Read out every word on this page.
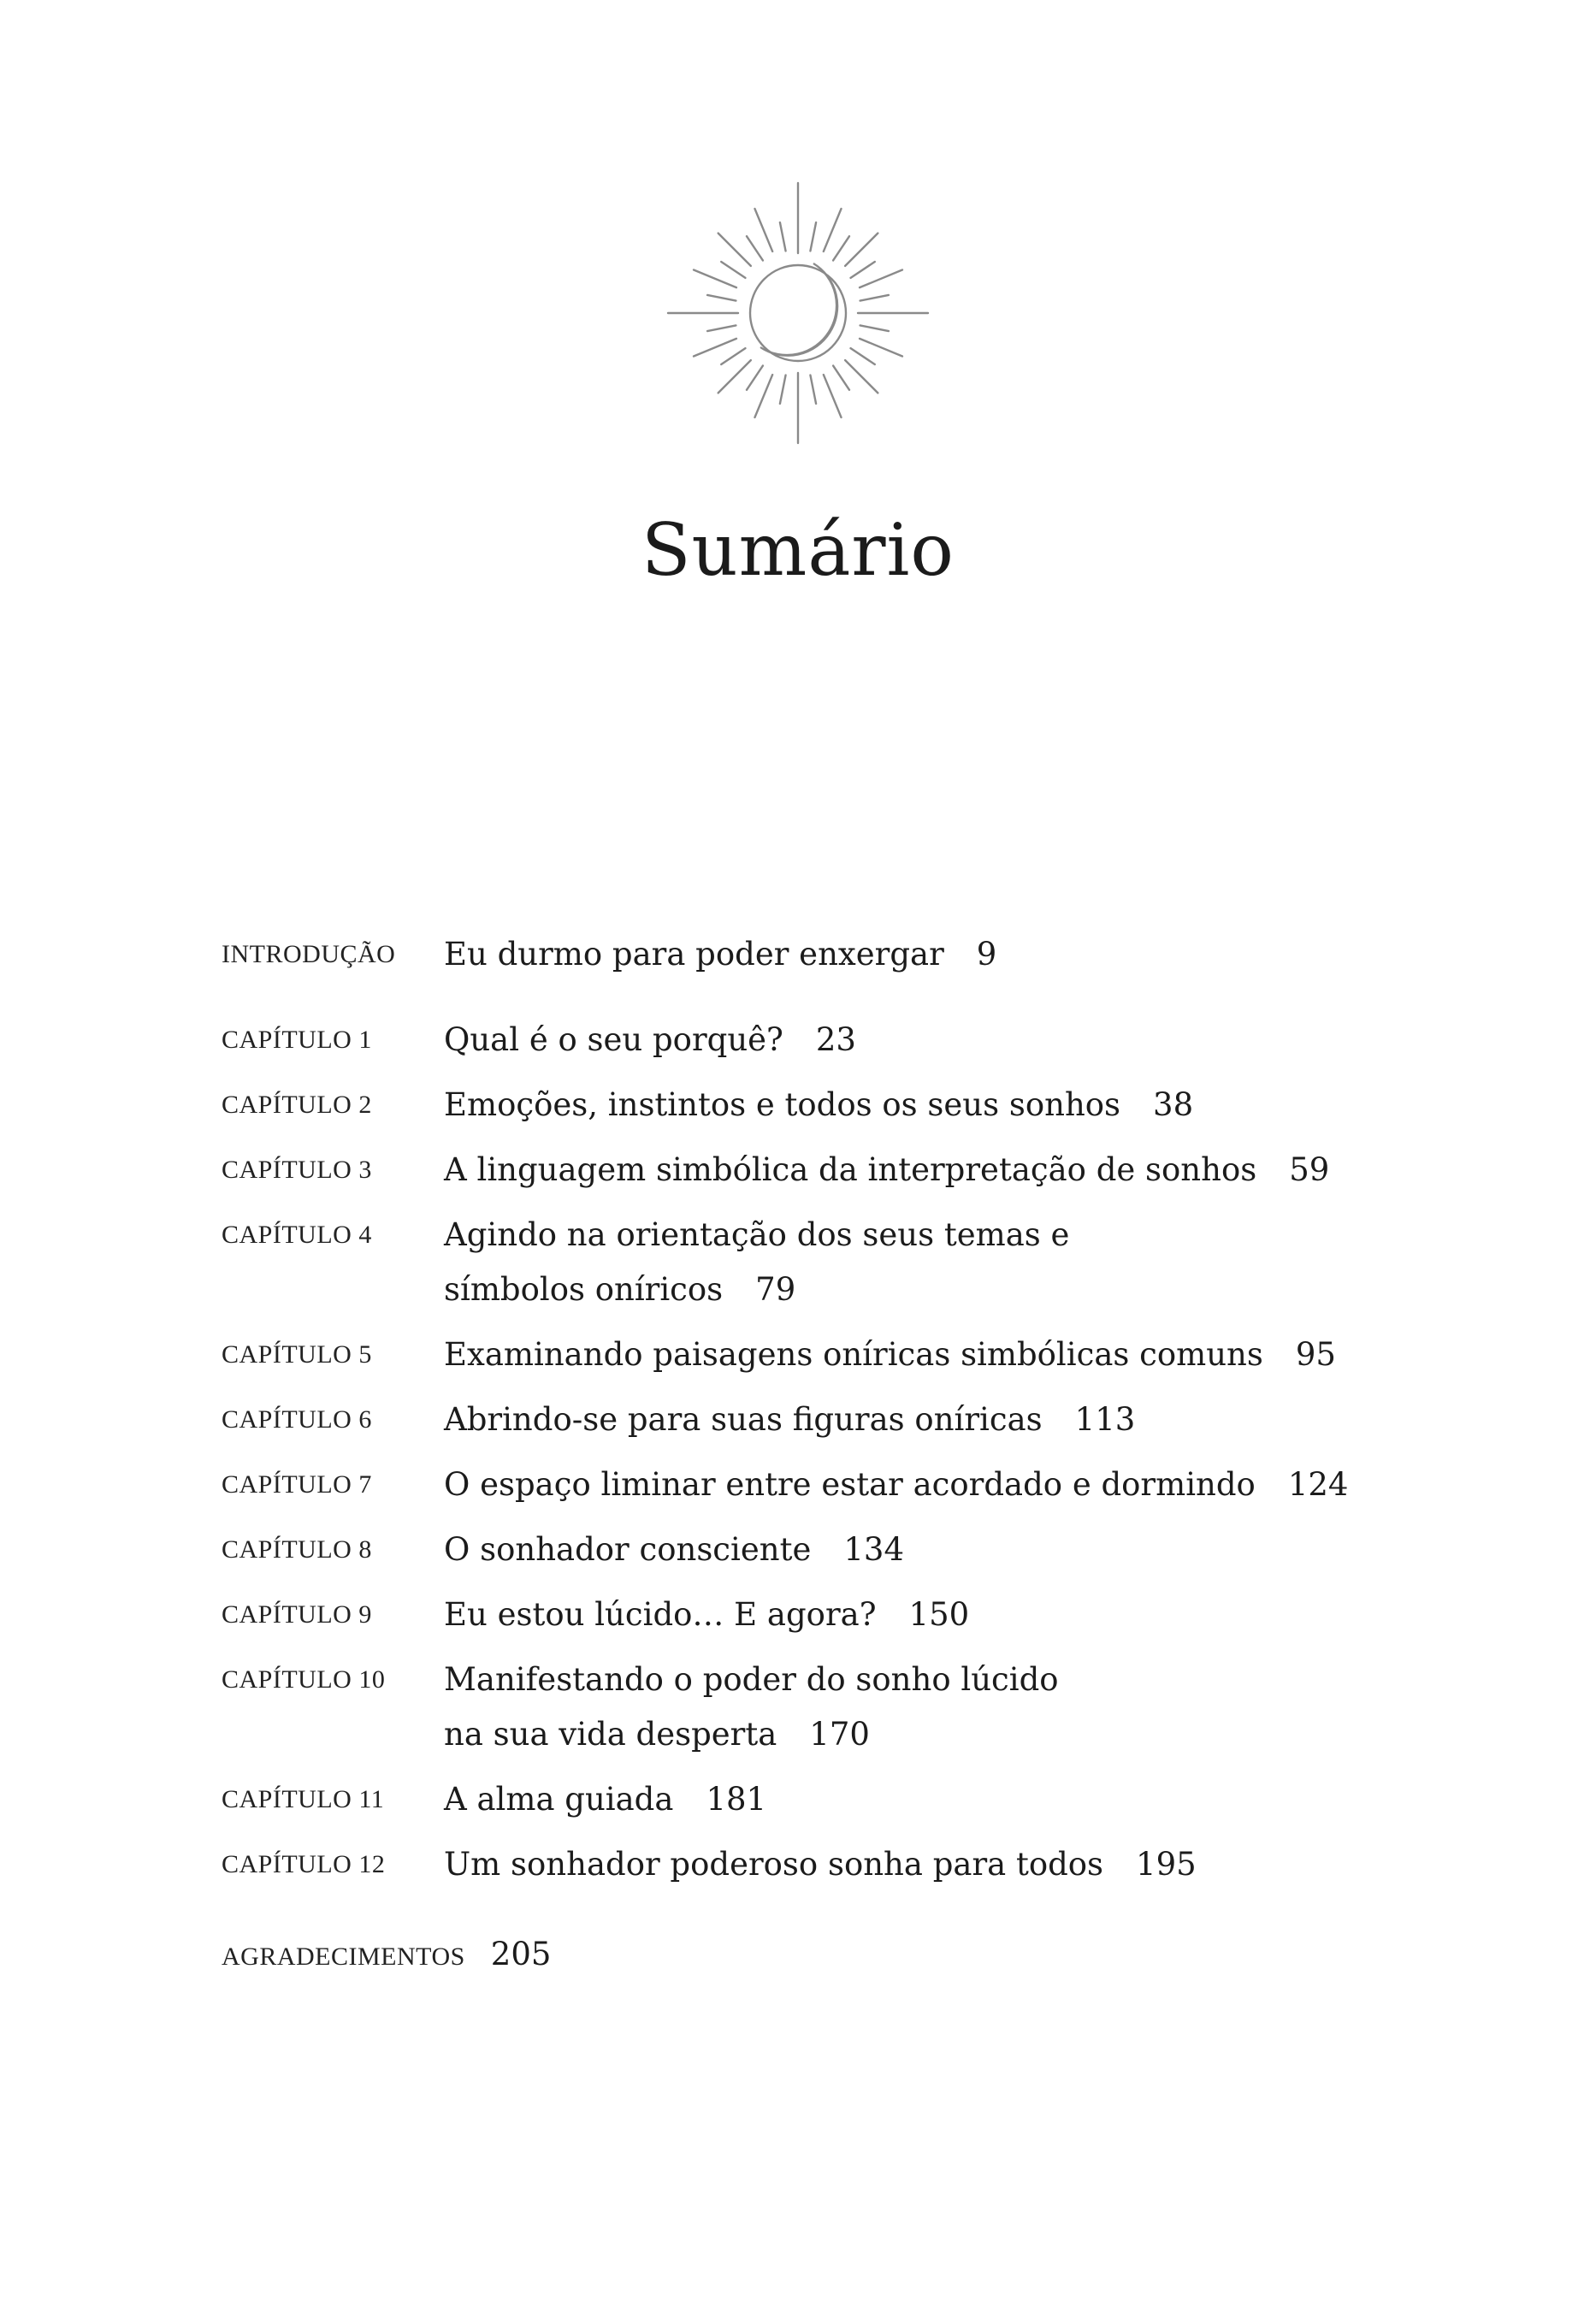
Sumário
INTRODUÇÃO Eu durmo para poder enxergar 9
CAPÍTULO 1 Qual é o seu porquê? 23
CAPÍTULO 2 Emoções, instintos e todos os seus sonhos 38
CAPÍTULO 3 A linguagem simbólica da interpretação de sonhos 59
CAPÍTULO 4 Agindo na orientação dos seus temas e
símbolos oníricos 79
CAPÍTULO 5 Examinando paisagens oníricas simbólicas comuns 95
CAPÍTULO 6 Abrindo-se para suas figuras oníricas 113
CAPÍTULO 7 O espaço liminar entre estar acordado e dormindo 124
CAPÍTULO 8 O sonhador consciente 134
CAPÍTULO 9 Eu estou lúcido… E agora? 150
CAPÍTULO 10 Manifestando o poder do sonho lúcido
na sua vida desperta 170
CAPÍTULO 11 A alma guiada 181
CAPÍTULO 12 Um sonhador poderoso sonha para todos 195
AGRADECIMENTOS 205
